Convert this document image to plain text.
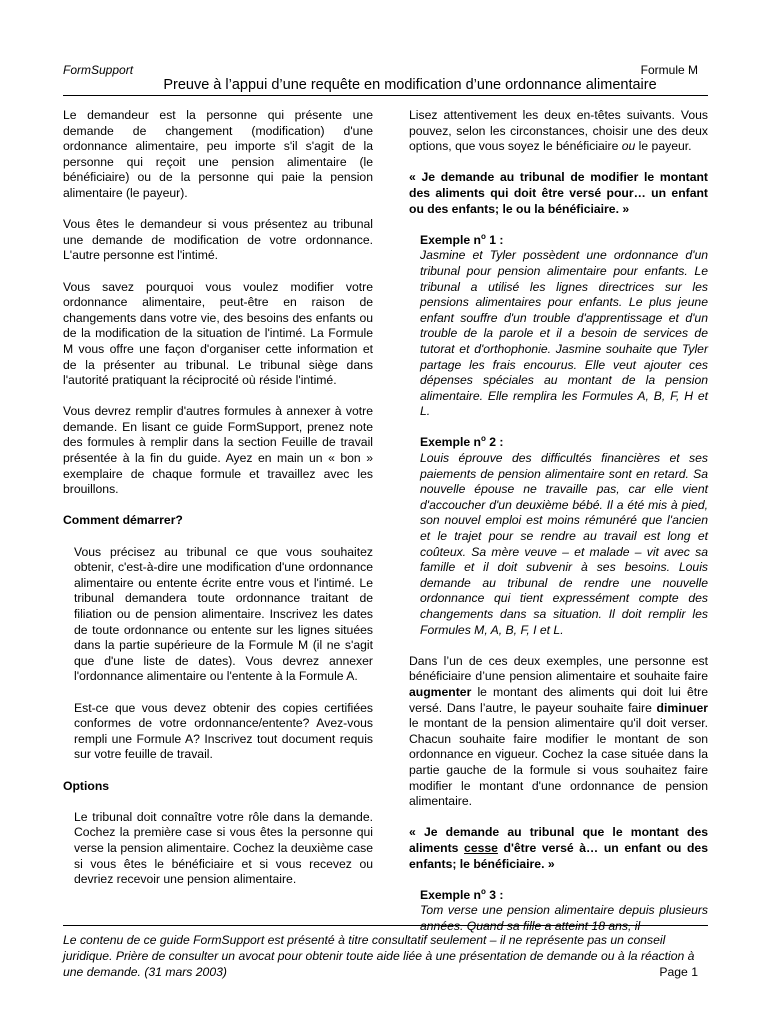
FormSupport	Formule M
Preuve à l’appui d’une requête en modification d’une ordonnance alimentaire

Le demandeur est la personne qui présente une demande de changement (modification) d'une ordonnance alimentaire, peu importe s'il s'agit de la personne qui reçoit une pension alimentaire (le bénéficiaire) ou de la personne qui paie la pension alimentaire (le payeur).

Vous êtes le demandeur si vous présentez au tribunal une demande de modification de votre ordonnance. L'autre personne est l'intimé.

Vous savez pourquoi vous voulez modifier votre ordonnance alimentaire, peut-être en raison de changements dans votre vie, des besoins des enfants ou de la modification de la situation de l'intimé. La Formule M vous offre une façon d'organiser cette information et de la présenter au tribunal. Le tribunal siège dans l'autorité pratiquant la réciprocité où réside l'intimé.

Vous devrez remplir d'autres formules à annexer à votre demande. En lisant ce guide FormSupport, prenez note des formules à remplir dans la section Feuille de travail présentée à la fin du guide. Ayez en main un « bon » exemplaire de chaque formule et travaillez avec les brouillons.

Comment démarrer?

Vous précisez au tribunal ce que vous souhaitez obtenir, c'est-à-dire une modification d'une ordonnance alimentaire ou entente écrite entre vous et l'intimé. Le tribunal demandera toute ordonnance traitant de filiation ou de pension alimentaire. Inscrivez les dates de toute ordonnance ou entente sur les lignes situées dans la partie supérieure de la Formule M (il ne s'agit que d'une liste de dates). Vous devrez annexer l'ordonnance alimentaire ou l'entente à la Formule A.

Est-ce que vous devez obtenir des copies certifiées conformes de votre ordonnance/entente? Avez-vous rempli une Formule A? Inscrivez tout document requis sur votre feuille de travail.

Options

Le tribunal doit connaître votre rôle dans la demande. Cochez la première case si vous êtes la personne qui verse la pension alimentaire. Cochez la deuxième case si vous êtes le bénéficiaire et si vous recevez ou devriez recevoir une pension alimentaire.

Lisez attentivement les deux en-têtes suivants. Vous pouvez, selon les circonstances, choisir une des deux options, que vous soyez le bénéficiaire ou le payeur.

« Je demande au tribunal de modifier le montant des aliments qui doit être versé pour… un enfant ou des enfants; le ou la bénéficiaire. »

Exemple $n^o$ 1 :

Jasmine et Tyler possèdent une ordonnance d'un tribunal pour pension alimentaire pour enfants. Le tribunal a utilisé les lignes directrices sur les pensions alimentaires pour enfants. Le plus jeune enfant souffre d'un trouble d'apprentissage et d'un trouble de la parole et il a besoin de services de tutorat et d'orthophonie. Jasmine souhaite que Tyler partage les frais encourus. Elle veut ajouter ces dépenses spéciales au montant de la pension alimentaire. Elle remplira les Formules A, B, F, H et L.

Exemple $n^o$ 2 :

Louis éprouve des difficultés financières et ses paiements de pension alimentaire sont en retard. Sa nouvelle épouse ne travaille pas, car elle vient d'accoucher d'un deuxième bébé. Il a été mis à pied, son nouvel emploi est moins rémunéré que l'ancien et le trajet pour se rendre au travail est long et coûteux. Sa mère veuve – et malade – vit avec sa famille et il doit subvenir à ses besoins. Louis demande au tribunal de rendre une nouvelle ordonnance qui tient expressément compte des changements dans sa situation. Il doit remplir les Formules M, A, B, F, I et L.

Dans l’un de ces deux exemples, une personne est bénéficiaire d’une pension alimentaire et souhaite faire augmenter le montant des aliments qui doit lui être versé. Dans l’autre, le payeur souhaite faire diminuer le montant de la pension alimentaire qu'il doit verser. Chacun souhaite faire modifier le montant de son ordonnance en vigueur. Cochez la case située dans la partie gauche de la formule si vous souhaitez faire modifier le montant d'une ordonnance de pension alimentaire.

« Je demande au tribunal que le montant des aliments cesse d'être versé à… un enfant ou des enfants; le bénéficiaire. »

Exemple $n^o$ 3 :

Tom verse une pension alimentaire depuis plusieurs années. Quand sa fille a atteint 18 ans, il

Le contenu de ce guide FormSupport est présenté à titre consultatif seulement – il ne représente pas un conseil juridique. Prière de consulter un avocat pour obtenir toute aide liée à une présentation de demande ou à la réaction à une demande. (31 mars 2003)	Page 1
